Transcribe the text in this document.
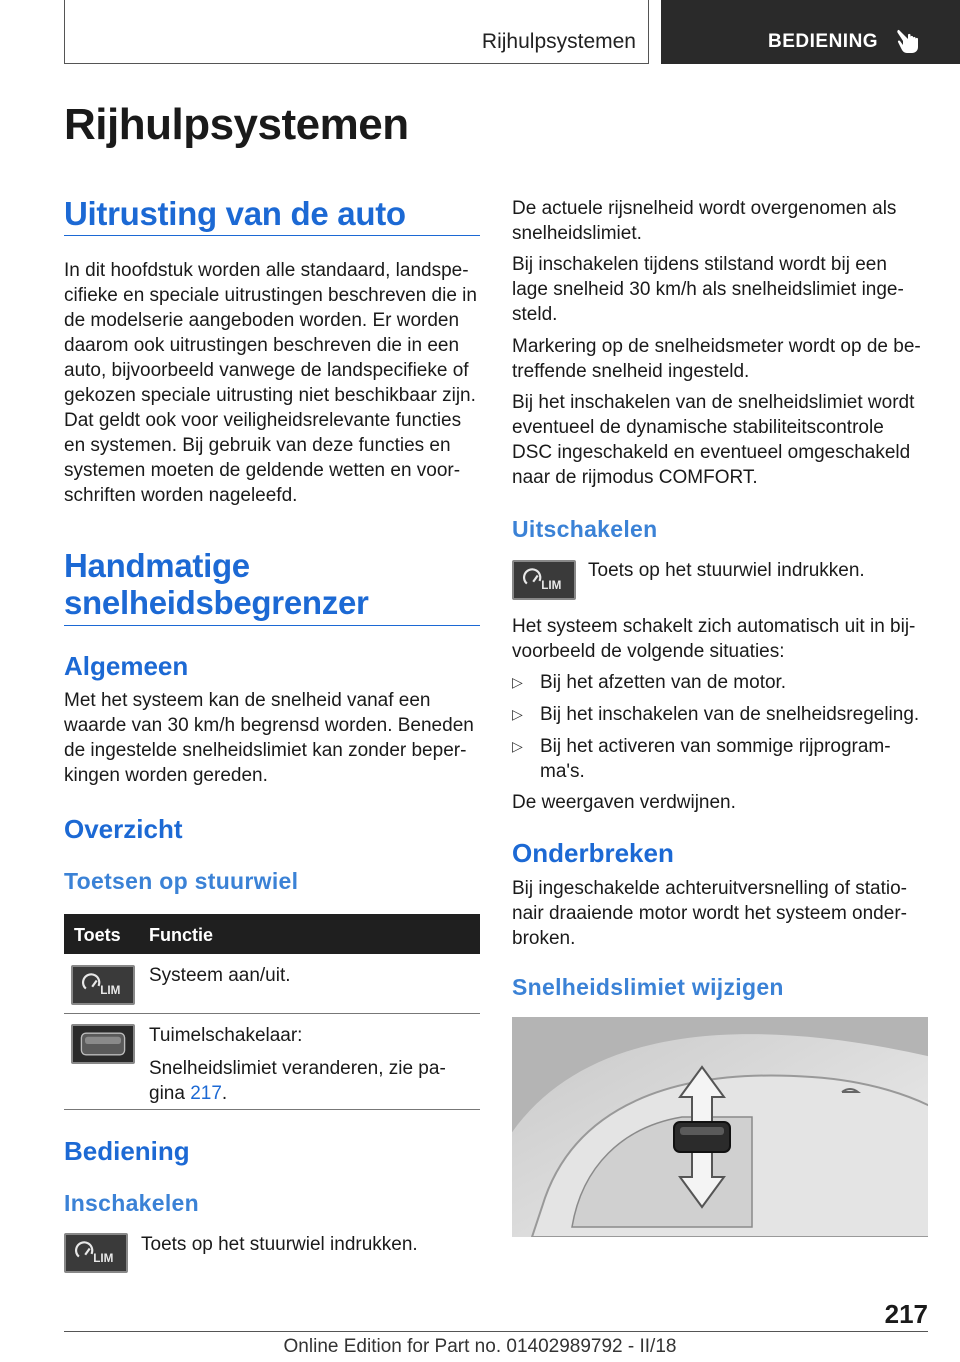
Rijhulpsystemen	BEDIENING
Rijhulpsystemen
Uitrusting van de auto
In dit hoofdstuk worden alle standaard, landspe-
cifieke en speciale uitrustingen beschreven die in
de modelserie aangeboden worden. Er worden
daarom ook uitrustingen beschreven die in een
auto, bijvoorbeeld vanwege de landspecifieke of
gekozen speciale uitrusting niet beschikbaar zijn.
Dat geldt ook voor veiligheidsrelevante functies
en systemen. Bij gebruik van deze functies en
systemen moeten de geldende wetten en voor-
schriften worden nageleefd.
Handmatige
snelheidsbegrenzer
Algemeen
Met het systeem kan de snelheid vanaf een
waarde van 30 km/h begrensd worden. Beneden
de ingestelde snelheidslimiet kan zonder beper-
kingen worden gereden.
Overzicht
Toetsen op stuurwiel
Toets Functie
LIM
Systeem aan/uit.
Tuimelschakelaar:
Snelheidslimiet veranderen, zie pa-
gina 217.
Bediening
Inschakelen
LIM
Toets op het stuurwiel indrukken.
De actuele rijsnelheid wordt overgenomen als
snelheidslimiet.
Bij inschakelen tijdens stilstand wordt bij een
lage snelheid 30 km/h als snelheidslimiet inge-
steld.
Markering op de snelheidsmeter wordt op de be-
treffende snelheid ingesteld.
Bij het inschakelen van de snelheidslimiet wordt
eventueel de dynamische stabiliteitscontrole
DSC ingeschakeld en eventueel omgeschakeld
naar de rijmodus COMFORT.
Uitschakelen
LIM
Toets op het stuurwiel indrukken.
Het systeem schakelt zich automatisch uit in bij-
voorbeeld de volgende situaties:
▷ Bij het afzetten van de motor.
▷ Bij het inschakelen van de snelheidsregeling.
▷ Bij het activeren van sommige rijprogram-
ma's.
De weergaven verdwijnen.
Onderbreken
Bij ingeschakelde achteruitversnelling of statio-
nair draaiende motor wordt het systeem onder-
broken.
Snelheidslimiet wijzigen
217
Online Edition for Part no. 01402989792 - II/18
